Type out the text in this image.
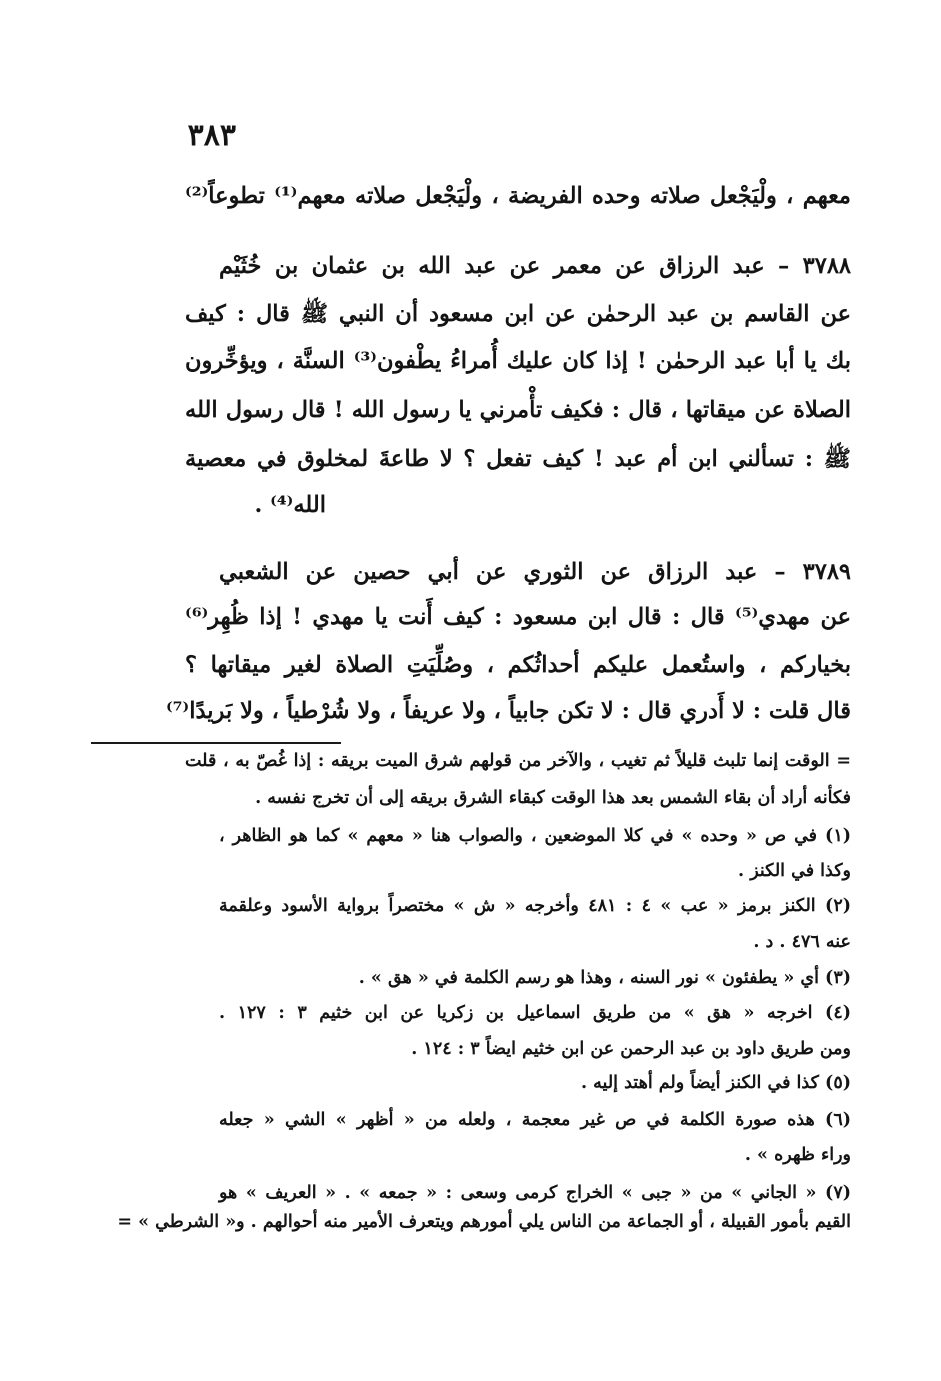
٣٨٣
معهم ، ولْيَجْعل صلاته وحده الفريضة ، ولْيَجْعل صلاته معهم⁽¹⁾ تطوعاً⁽²⁾
٣٧٨٨ – عبد الرزاق عن معمر عن عبد الله بن عثمان بن خُثَيْم
عن القاسم بن عبد الرحمٰن عن ابن مسعود أن النبي ﷺ قال : كيف
بك يا أبا عبد الرحمٰن ! إذا كان عليك أُمراءُ يطْفون⁽³⁾ السنَّة ، ويؤخِّرون
الصلاة عن ميقاتها ، قال : فكيف تأْمرني يا رسول الله ! قال رسول الله
ﷺ : تسألني ابن أم عبد ! كيف تفعل ؟ لا طاعةَ لمخلوق في معصية
الله⁽⁴⁾ .
٣٧٨٩ – عبد الرزاق عن الثوري عن أبي حصين عن الشعبي
عن مهدي⁽⁵⁾ قال : قال ابن مسعود : كيف أَنت يا مهدي ! إذا ظُهِر⁽⁶⁾
بخياركم ، واستُعمل عليكم أحداثُكم ، وصُلِّيَتِ الصلاة لغير ميقاتها ؟
قال قلت : لا أَدري قال : لا تكن جابياً ، ولا عريفاً ، ولا شُرْطياً ، ولا بَريدًا⁽⁷⁾
= الوقت إنما تلبث قليلاً ثم تغيب ، والآخر من قولهم شرق الميت بريقه : إذا غُصّ به ، قلت
فكأنه أراد أن بقاء الشمس بعد هذا الوقت كبقاء الشرق بريقه إلى أن تخرج نفسه .
(١) في ص « وحده » في كلا الموضعين ، والصواب هنا « معهم » كما هو الظاهر ،
وكذا في الكنز .
(٢) الكنز برمز « عب » ٤ : ٤٨١ وأخرجه « ش » مختصراً برواية الأسود وعلقمة
عنه ٤٧٦ . د .
(٣) أي « يطفئون » نور السنه ، وهذا هو رسم الكلمة في « هق » .
(٤) اخرجه « هق » من طريق اسماعيل بن زكريا عن ابن خثيم ٣ : ١٢٧ .
ومن طريق داود بن عبد الرحمن عن ابن خثيم ايضاً ٣ : ١٢٤ .
(٥) كذا في الكنز أيضاً ولم أهتد إليه .
(٦) هذه صورة الكلمة في ص غير معجمة ، ولعله من « أظهر » الشي « جعله
وراء ظهره » .
(٧) « الجاني » من « جبى » الخراج كرمى وسعى : « جمعه » . « العريف » هو
القيم بأمور القبيلة ، أو الجماعة من الناس يلي أمورهم ويتعرف الأمير منه أحوالهم . و« الشرطي » =
